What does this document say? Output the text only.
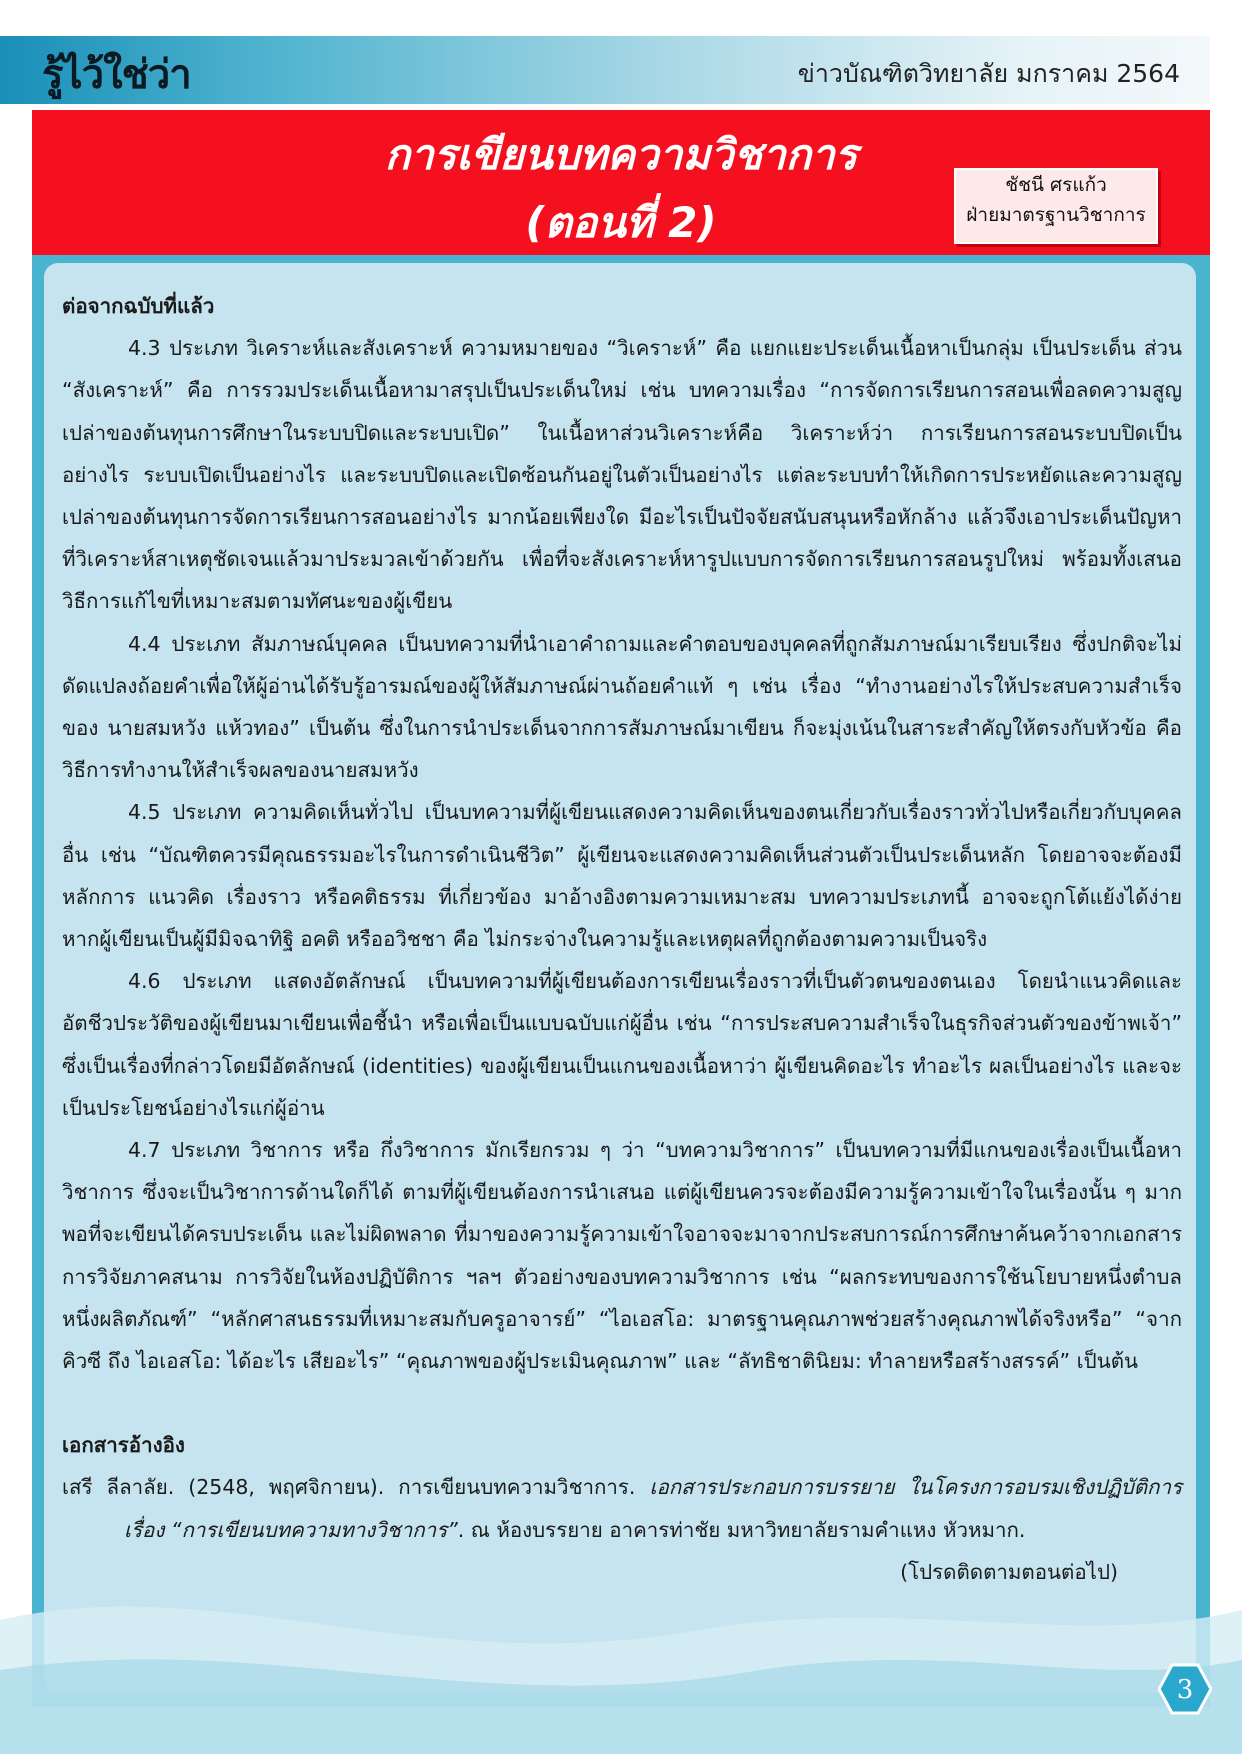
รู้ไว้ใช่ว่า	ข่าวบัณฑิตวิทยาลัย มกราคม 2564
การเขียนบทความวิชาการ
(ตอนที่ 2)
ชัชนี ศรแก้ว
ฝ่ายมาตรฐานวิชาการ

ต่อจากฉบับที่แล้ว

4.3 ประเภท วิเคราะห์และสังเคราะห์ ความหมายของ “วิเคราะห์” คือ แยกแยะประเด็นเนื้อหาเป็นกลุ่ม เป็นประเด็น ส่วน “สังเคราะห์” คือ การรวมประเด็นเนื้อหามาสรุปเป็นประเด็นใหม่ เช่น บทความเรื่อง “การจัดการเรียนการสอนเพื่อลดความสูญเปล่าของต้นทุนการศึกษาในระบบปิดและระบบเปิด” ในเนื้อหาส่วนวิเคราะห์คือ วิเคราะห์ว่า การเรียนการสอนระบบปิดเป็นอย่างไร ระบบเปิดเป็นอย่างไร และระบบปิดและเปิดซ้อนกันอยู่ในตัวเป็นอย่างไร แต่ละระบบทำให้เกิดการประหยัดและความสูญเปล่าของต้นทุนการจัดการเรียนการสอนอย่างไร มากน้อยเพียงใด มีอะไรเป็นปัจจัยสนับสนุนหรือหักล้าง แล้วจึงเอาประเด็นปัญหาที่วิเคราะห์สาเหตุชัดเจนแล้วมาประมวลเข้าด้วยกัน เพื่อที่จะสังเคราะห์หารูปแบบการจัดการเรียนการสอนรูปใหม่ พร้อมทั้งเสนอวิธีการแก้ไขที่เหมาะสมตามทัศนะของผู้เขียน

4.4 ประเภท สัมภาษณ์บุคคล เป็นบทความที่นำเอาคำถามและคำตอบของบุคคลที่ถูกสัมภาษณ์มาเรียบเรียง ซึ่งปกติจะไม่ดัดแปลงถ้อยคำเพื่อให้ผู้อ่านได้รับรู้อารมณ์ของผู้ให้สัมภาษณ์ผ่านถ้อยคำแท้ ๆ เช่น เรื่อง “ทำงานอย่างไรให้ประสบความสำเร็จ ของ นายสมหวัง แห้วทอง” เป็นต้น ซึ่งในการนำประเด็นจากการสัมภาษณ์มาเขียน ก็จะมุ่งเน้นในสาระสำคัญให้ตรงกับหัวข้อ คือ วิธีการทำงานให้สำเร็จผลของนายสมหวัง

4.5 ประเภท ความคิดเห็นทั่วไป เป็นบทความที่ผู้เขียนแสดงความคิดเห็นของตนเกี่ยวกับเรื่องราวทั่วไปหรือเกี่ยวกับบุคคลอื่น เช่น “บัณฑิตควรมีคุณธรรมอะไรในการดำเนินชีวิต” ผู้เขียนจะแสดงความคิดเห็นส่วนตัวเป็นประเด็นหลัก โดยอาจจะต้องมีหลักการ แนวคิด เรื่องราว หรือคติธรรม ที่เกี่ยวข้อง มาอ้างอิงตามความเหมาะสม บทความประเภทนี้ อาจจะถูกโต้แย้งได้ง่าย หากผู้เขียนเป็นผู้มีมิจฉาทิฐิ อคติ หรืออวิชชา คือ ไม่กระจ่างในความรู้และเหตุผลที่ถูกต้องตามความเป็นจริง

4.6 ประเภท แสดงอัตลักษณ์ เป็นบทความที่ผู้เขียนต้องการเขียนเรื่องราวที่เป็นตัวตนของตนเอง โดยนำแนวคิดและอัตชีวประวัติของผู้เขียนมาเขียนเพื่อชี้นำ หรือเพื่อเป็นแบบฉบับแก่ผู้อื่น เช่น “การประสบความสำเร็จในธุรกิจส่วนตัวของข้าพเจ้า” ซึ่งเป็นเรื่องที่กล่าวโดยมีอัตลักษณ์ (identities) ของผู้เขียนเป็นแกนของเนื้อหาว่า ผู้เขียนคิดอะไร ทำอะไร ผลเป็นอย่างไร และจะเป็นประโยชน์อย่างไรแก่ผู้อ่าน

4.7 ประเภท วิชาการ หรือ กึ่งวิชาการ มักเรียกรวม ๆ ว่า “บทความวิชาการ” เป็นบทความที่มีแกนของเรื่องเป็นเนื้อหาวิชาการ ซึ่งจะเป็นวิชาการด้านใดก็ได้ ตามที่ผู้เขียนต้องการนำเสนอ แต่ผู้เขียนควรจะต้องมีความรู้ความเข้าใจในเรื่องนั้น ๆ มากพอที่จะเขียนได้ครบประเด็น และไม่ผิดพลาด ที่มาของความรู้ความเข้าใจอาจจะมาจากประสบการณ์การศึกษาค้นคว้าจากเอกสาร การวิจัยภาคสนาม การวิจัยในห้องปฏิบัติการ ฯลฯ ตัวอย่างของบทความวิชาการ เช่น “ผลกระทบของการใช้นโยบายหนึ่งตำบลหนึ่งผลิตภัณฑ์” “หลักศาสนธรรมที่เหมาะสมกับครูอาจารย์” “ไอเอสโอ: มาตรฐานคุณภาพช่วยสร้างคุณภาพได้จริงหรือ” “จาก คิวซี ถึง ไอเอสโอ: ได้อะไร เสียอะไร” “คุณภาพของผู้ประเมินคุณภาพ” และ “ลัทธิชาตินิยม: ทำลายหรือสร้างสรรค์” เป็นต้น

เอกสารอ้างอิง

เสรี ลีลาลัย. (2548, พฤศจิกายน). การเขียนบทความวิชาการ. เอกสารประกอบการบรรยาย ในโครงการอบรมเชิงปฏิบัติการ เรื่อง “การเขียนบทความทางวิชาการ”. ณ ห้องบรรยาย อาคารท่าชัย มหาวิทยาลัยรามคำแหง หัวหมาก.

(โปรดติดตามตอนต่อไป)

3
